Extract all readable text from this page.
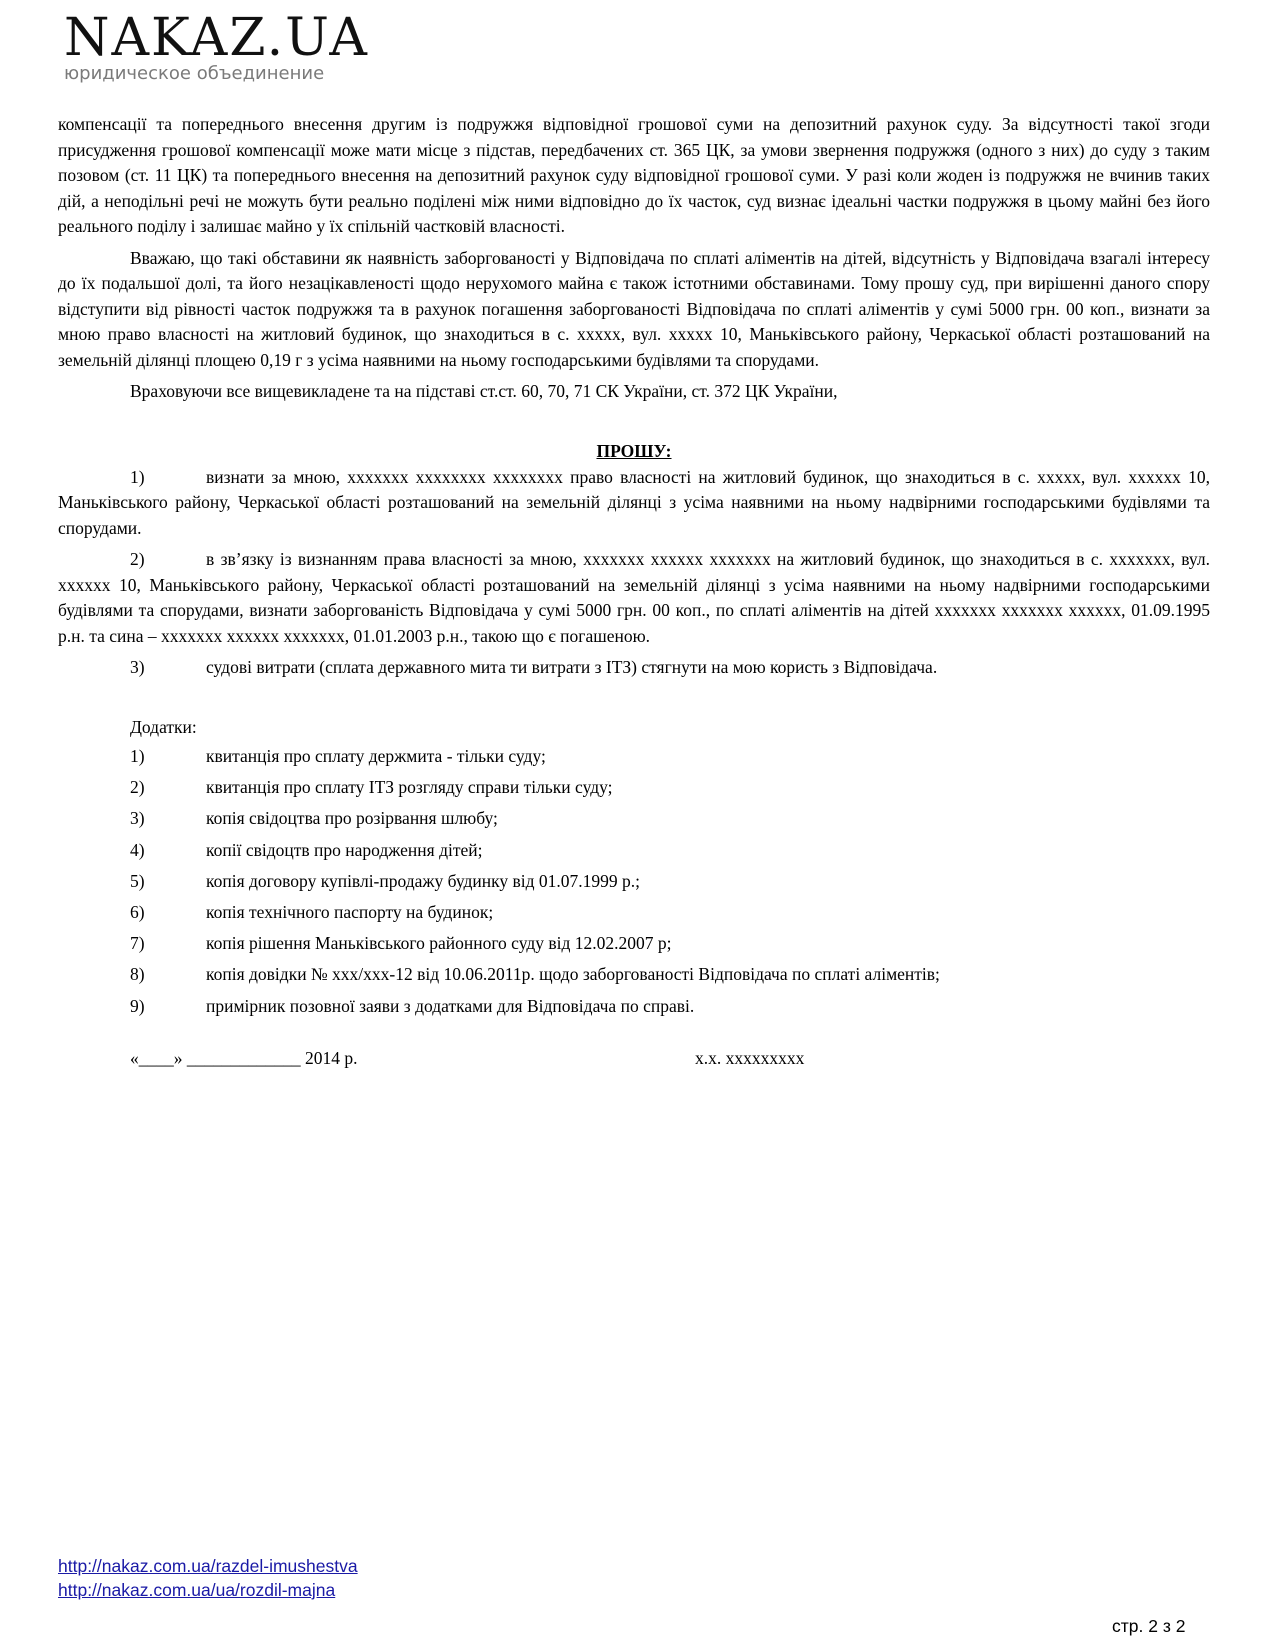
NAKAZ.UA
юридическое объединение

компенсації та попереднього внесення другим із подружжя відповідної грошової суми на депозитний рахунок суду. За відсутності такої згоди присудження грошової компенсації може мати місце з підстав, передбачених ст. 365 ЦК, за умови звернення подружжя (одного з них) до суду з таким позовом (ст. 11 ЦК) та попереднього внесення на депозитний рахунок суду відповідної грошової суми. У разі коли жоден із подружжя не вчинив таких дій, а неподільні речі не можуть бути реально поділені між ними відповідно до їх часток, суд визнає ідеальні частки подружжя в цьому майні без його реального поділу і залишає майно у їх спільній частковій власності.

Вважаю, що такі обставини як наявність заборгованості у Відповідача по сплаті аліментів на дітей, відсутність у Відповідача взагалі інтересу до їх подальшої долі, та його незацікавленості щодо нерухомого майна є також істотними обставинами. Тому прошу суд, при вирішенні даного спору відступити від рівності часток подружжя та в рахунок погашення заборгованості Відповідача по сплаті аліментів у сумі 5000 грн. 00 коп., визнати за мною право власності на житловий будинок, що знаходиться в с. ххххх, вул. ххххх 10, Маньківського району, Черкаської області розташований на земельній ділянці площею 0,19 г з усіма наявними на ньому господарськими будівлями та спорудами.

Враховуючи все вищевикладене та на підставі ст.ст. 60, 70, 71 СК України, ст. 372 ЦК України,

ПРОШУ:

1)	визнати за мною, ххххххх хххххххх хххххххх право власності на житловий будинок, що знаходиться в с. ххххх, вул. хххххх 10, Маньківського району, Черкаської області розташований на земельній ділянці з усіма наявними на ньому надвірними господарськими будівлями та спорудами.

2)	в зв’язку із визнанням права власності за мною, ххххххх хххххх ххххххх на житловий будинок, що знаходиться в с. ххххххх, вул. хххххх 10, Маньківського району, Черкаської області розташований на земельній ділянці з усіма наявними на ньому надвірними господарськими будівлями та спорудами, визнати заборгованість Відповідача у сумі 5000 грн. 00 коп., по сплаті аліментів на дітей ххххххх ххххххх хххххх, 01.09.1995 р.н. та сина – ххххххх хххххх ххххххх, 01.01.2003 р.н., такою що є погашеною.

3)	судові витрати (сплата державного мита ти витрати з ІТЗ) стягнути на мою користь з Відповідача.

Додатки:
1)	квитанція про сплату держмита - тільки суду;
2)	квитанція про сплату ІТЗ розгляду справи тільки суду;
3)	копія свідоцтва про розірвання шлюбу;
4)	копії свідоцтв про народження дітей;
5)	копія договору купівлі-продажу будинку від 01.07.1999 р.;
6)	копія технічного паспорту на будинок;
7)	копія рішення Маньківського районного суду від 12.02.2007 р;
8)	копія довідки № ххх/ххх-12 від 10.06.2011р. щодо заборгованості Відповідача по сплаті аліментів;
9)	примірник позовної заяви з додатками для Відповідача по справі.
«____» _____________ 2014 р.	х.х. ххххххххх
http://nakaz.com.ua/razdel-imushestva
http://nakaz.com.ua/ua/rozdil-majna
стр. 2 з 2
